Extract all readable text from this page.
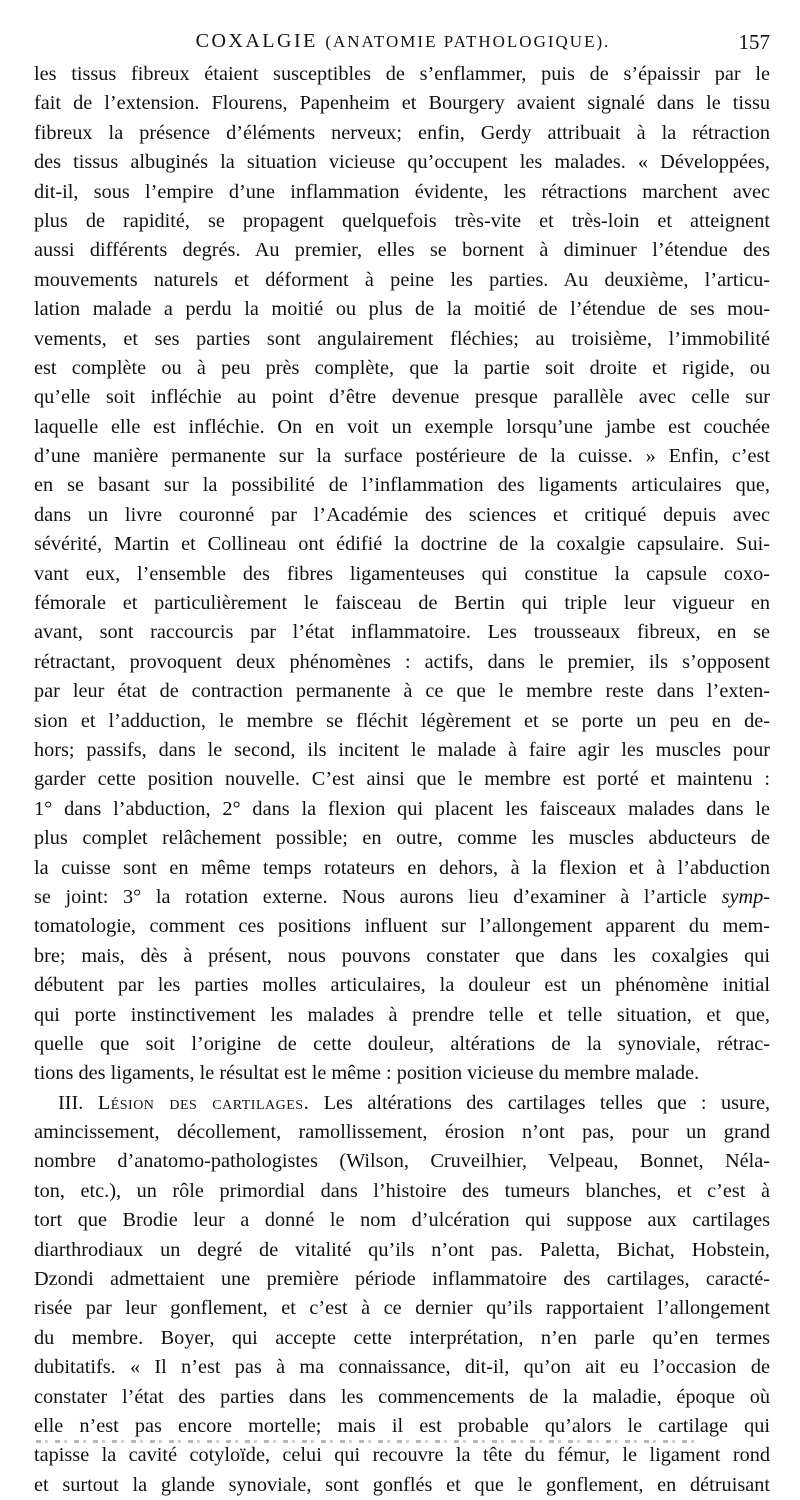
COXALGIE (ANATOMIE PATHOLOGIQUE).	157
les tissus fibreux étaient susceptibles de s’enflammer, puis de s’épaissir par le
fait de l’extension. Flourens, Papenheim et Bourgery avaient signalé dans le tissu
fibreux la présence d’éléments nerveux; enfin, Gerdy attribuait à la rétraction
des tissus albuginés la situation vicieuse qu’occupent les malades. « Développées,
dit-il, sous l’empire d’une inflammation évidente, les rétractions marchent avec
plus de rapidité, se propagent quelquefois très-vite et très-loin et atteignent
aussi différents degrés. Au premier, elles se bornent à diminuer l’étendue des
mouvements naturels et déforment à peine les parties. Au deuxième, l’articu-
lation malade a perdu la moitié ou plus de la moitié de l’étendue de ses mou-
vements, et ses parties sont angulairement fléchies; au troisième, l’immobilité
est complète ou à peu près complète, que la partie soit droite et rigide, ou
qu’elle soit infléchie au point d’être devenue presque parallèle avec celle sur
laquelle elle est infléchie. On en voit un exemple lorsqu’une jambe est couchée
d’une manière permanente sur la surface postérieure de la cuisse. » Enfin, c’est
en se basant sur la possibilité de l’inflammation des ligaments articulaires que,
dans un livre couronné par l’Académie des sciences et critiqué depuis avec
sévérité, Martin et Collineau ont édifié la doctrine de la coxalgie capsulaire. Sui-
vant eux, l’ensemble des fibres ligamenteuses qui constitue la capsule coxo-
fémorale et particulièrement le faisceau de Bertin qui triple leur vigueur en
avant, sont raccourcis par l’état inflammatoire. Les trousseaux fibreux, en se
rétractant, provoquent deux phénomènes : actifs, dans le premier, ils s’opposent
par leur état de contraction permanente à ce que le membre reste dans l’exten-
sion et l’adduction, le membre se fléchit légèrement et se porte un peu en de-
hors; passifs, dans le second, ils incitent le malade à faire agir les muscles pour
garder cette position nouvelle. C’est ainsi que le membre est porté et maintenu :
1° dans l’abduction, 2° dans la flexion qui placent les faisceaux malades dans le
plus complet relâchement possible; en outre, comme les muscles abducteurs de
la cuisse sont en même temps rotateurs en dehors, à la flexion et à l’abduction
se joint: 3° la rotation externe. Nous aurons lieu d’examiner à l’article symp-
tomatologie, comment ces positions influent sur l’allongement apparent du mem-
bre; mais, dès à présent, nous pouvons constater que dans les coxalgies qui
débutent par les parties molles articulaires, la douleur est un phénomène initial
qui porte instinctivement les malades à prendre telle et telle situation, et que,
quelle que soit l’origine de cette douleur, altérations de la synoviale, rétrac-
tions des ligaments, le résultat est le même : position vicieuse du membre malade.
III. Lésion des cartilages. Les altérations des cartilages telles que : usure,
amincissement, décollement, ramollissement, érosion n’ont pas, pour un grand
nombre d’anatomo-pathologistes (Wilson, Cruveilhier, Velpeau, Bonnet, Néla-
ton, etc.), un rôle primordial dans l’histoire des tumeurs blanches, et c’est à
tort que Brodie leur a donné le nom d’ulcération qui suppose aux cartilages
diarthrodiaux un degré de vitalité qu’ils n’ont pas. Paletta, Bichat, Hobstein,
Dzondi admettaient une première période inflammatoire des cartilages, caracté-
risée par leur gonflement, et c’est à ce dernier qu’ils rapportaient l’allongement
du membre. Boyer, qui accepte cette interprétation, n’en parle qu’en termes
dubitatifs. « Il n’est pas à ma connaissance, dit-il, qu’on ait eu l’occasion de
constater l’état des parties dans les commencements de la maladie, époque où
elle n’est pas encore mortelle; mais il est probable qu’alors le cartilage qui
tapisse la cavité cotyloïde, celui qui recouvre la tête du fémur, le ligament rond
et surtout la glande synoviale, sont gonflés et que le gonflement, en détruisant
